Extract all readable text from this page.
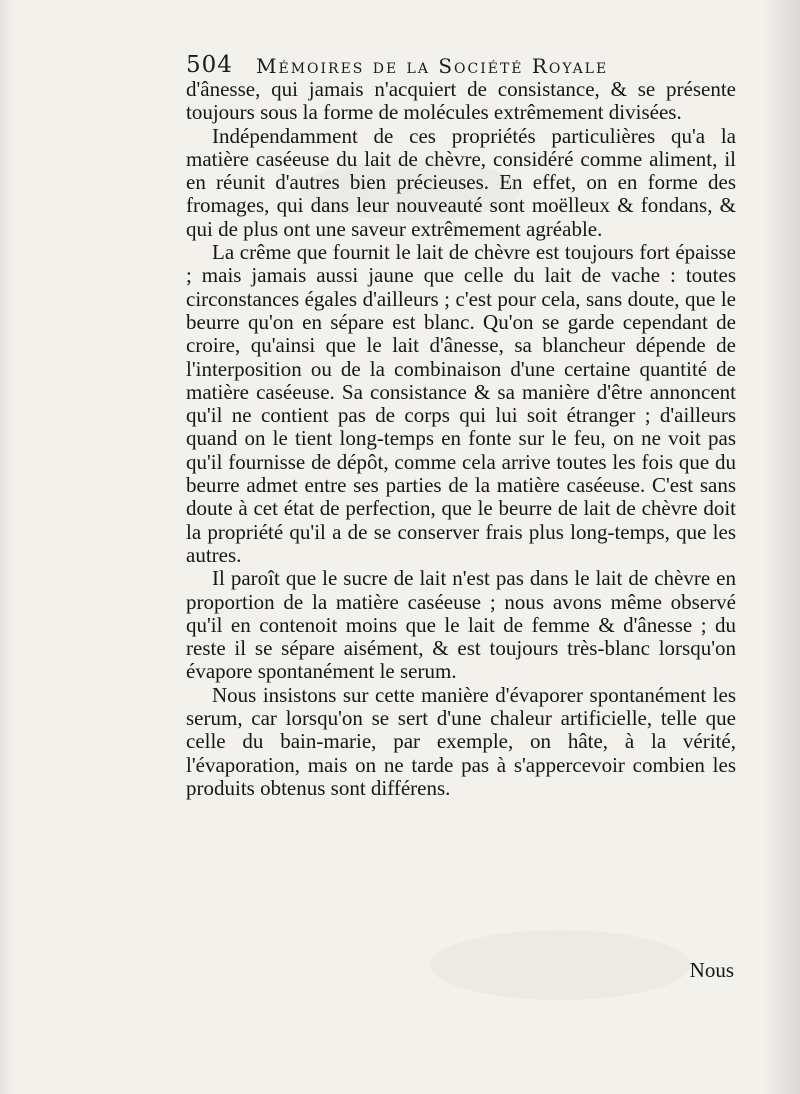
504 Mémoires de la Société Royale

d'ânesse, qui jamais n'acquiert de consistance, & se présente toujours sous la forme de molécules extrêmement divisées.

Indépendamment de ces propriétés particulières qu'a la matière caséeuse du lait de chèvre, considéré comme aliment, il en réunit d'autres bien précieuses. En effet, on en forme des fromages, qui dans leur nouveauté sont moëlleux & fondans, & qui de plus ont une saveur extrêmement agréable.

La crême que fournit le lait de chèvre est toujours fort épaisse ; mais jamais aussi jaune que celle du lait de vache : toutes circonstances égales d'ailleurs ; c'est pour cela, sans doute, que le beurre qu'on en sépare est blanc. Qu'on se garde cependant de croire, qu'ainsi que le lait d'ânesse, sa blancheur dépende de l'interposition ou de la combinaison d'une certaine quantité de matière caséeuse. Sa consistance & sa manière d'être annoncent qu'il ne contient pas de corps qui lui soit étranger ; d'ailleurs quand on le tient long-temps en fonte sur le feu, on ne voit pas qu'il fournisse de dépôt, comme cela arrive toutes les fois que du beurre admet entre ses parties de la matière caséeuse. C'est sans doute à cet état de perfection, que le beurre de lait de chèvre doit la propriété qu'il a de se conserver frais plus long-temps, que les autres.

Il paroît que le sucre de lait n'est pas dans le lait de chèvre en proportion de la matière caséeuse ; nous avons même observé qu'il en contenoit moins que le lait de femme & d'ânesse ; du reste il se sépare aisément, & est toujours très-blanc lorsqu'on évapore spontanément le serum.

Nous insistons sur cette manière d'évaporer spontanément les serum, car lorsqu'on se sert d'une chaleur artificielle, telle que celle du bain-marie, par exemple, on hâte, à la vérité, l'évaporation, mais on ne tarde pas à s'appercevoir combien les produits obtenus sont différens.

Nous
